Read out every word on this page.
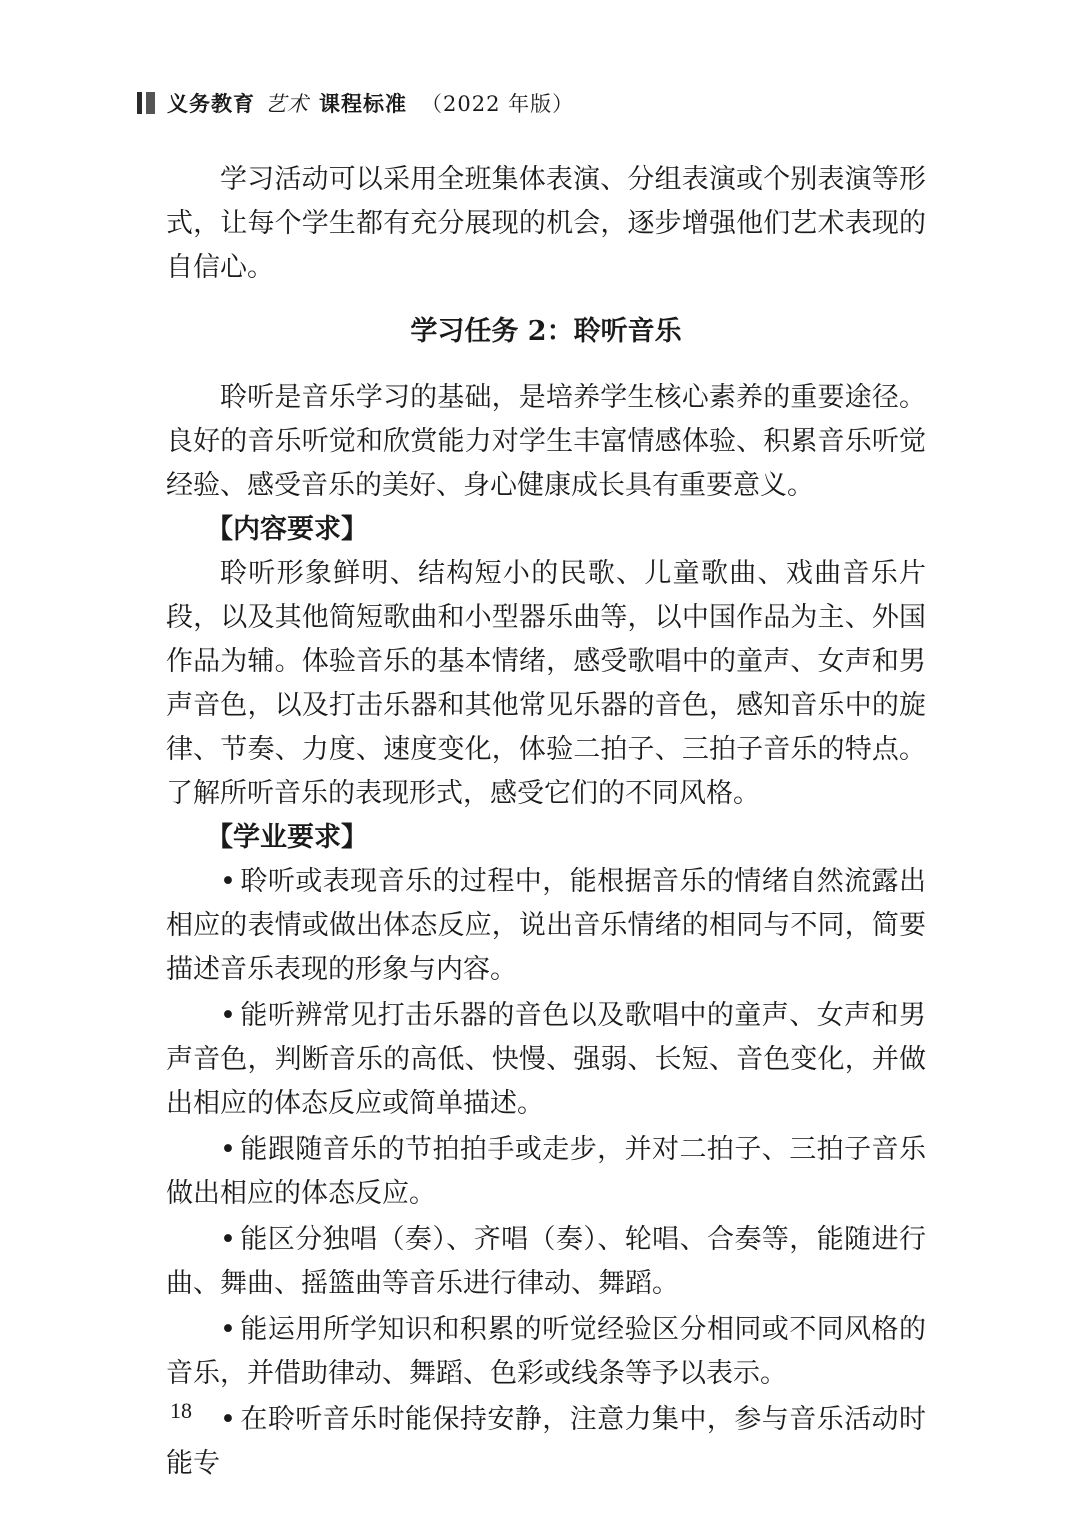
义务教育 艺术 课程标准 （2022 年版）

学习活动可以采用全班集体表演、分组表演或个别表演等形式，让每个学生都有充分展现的机会，逐步增强他们艺术表现的自信心。

学习任务 2：聆听音乐

聆听是音乐学习的基础，是培养学生核心素养的重要途径。良好的音乐听觉和欣赏能力对学生丰富情感体验、积累音乐听觉经验、感受音乐的美好、身心健康成长具有重要意义。

【内容要求】

聆听形象鲜明、结构短小的民歌、儿童歌曲、戏曲音乐片段，以及其他简短歌曲和小型器乐曲等，以中国作品为主、外国作品为辅。体验音乐的基本情绪，感受歌唱中的童声、女声和男声音色，以及打击乐器和其他常见乐器的音色，感知音乐中的旋律、节奏、力度、速度变化，体验二拍子、三拍子音乐的特点。了解所听音乐的表现形式，感受它们的不同风格。

【学业要求】

• 聆听或表现音乐的过程中，能根据音乐的情绪自然流露出相应的表情或做出体态反应，说出音乐情绪的相同与不同，简要描述音乐表现的形象与内容。

• 能听辨常见打击乐器的音色以及歌唱中的童声、女声和男声音色，判断音乐的高低、快慢、强弱、长短、音色变化，并做出相应的体态反应或简单描述。

• 能跟随音乐的节拍拍手或走步，并对二拍子、三拍子音乐做出相应的体态反应。

• 能区分独唱（奏）、齐唱（奏）、轮唱、合奏等，能随进行曲、舞曲、摇篮曲等音乐进行律动、舞蹈。

• 能运用所学知识和积累的听觉经验区分相同或不同风格的音乐，并借助律动、舞蹈、色彩或线条等予以表示。

• 在聆听音乐时能保持安静，注意力集中，参与音乐活动时能专

18
